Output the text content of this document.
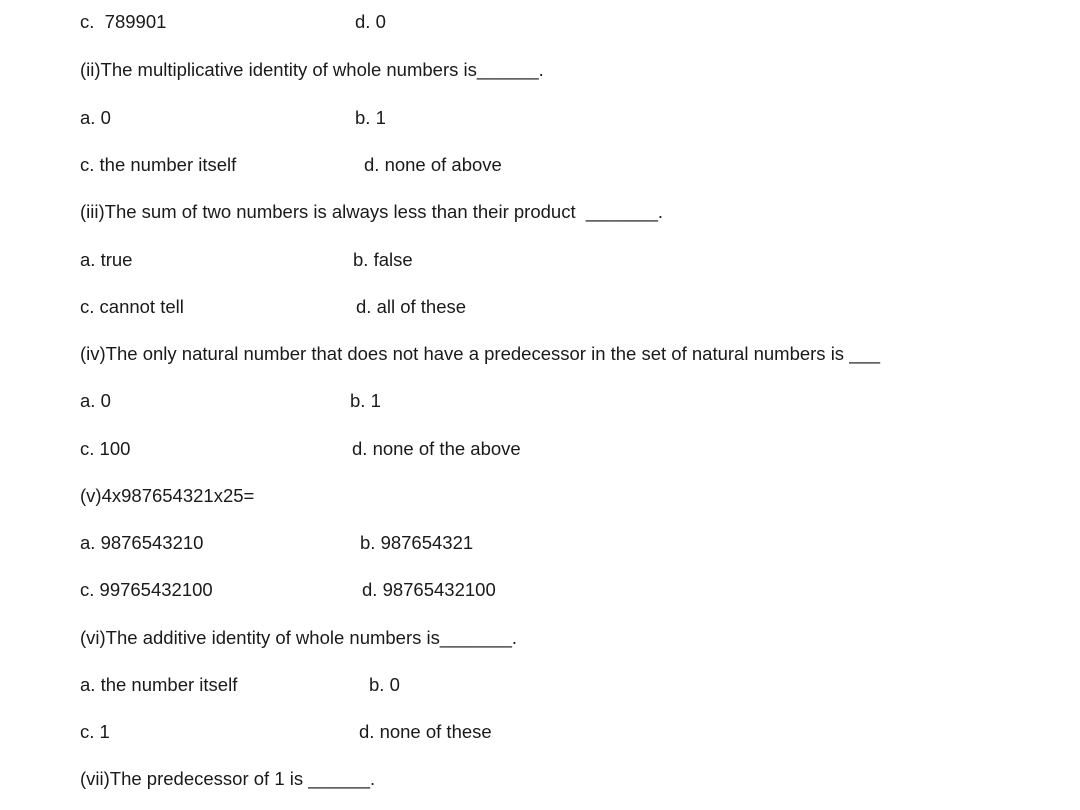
c.  789901	d. 0
(ii)The multiplicative identity of whole numbers is______.
a. 0	b. 1
c. the number itself	d. none of above
(iii)The sum of two numbers is always less than their product  _______.
a. true	b. false
c. cannot tell	d. all of these
(iv)The only natural number that does not have a predecessor in the set of natural numbers is ___
a. 0	b. 1
c. 100	d. none of the above
(v)4x987654321x25=
a. 9876543210	b. 987654321
c. 99765432100	d. 98765432100
(vi)The additive identity of whole numbers is_______.
a. the number itself	b. 0
c. 1	d. none of these
(vii)The predecessor of 1 is ______.
